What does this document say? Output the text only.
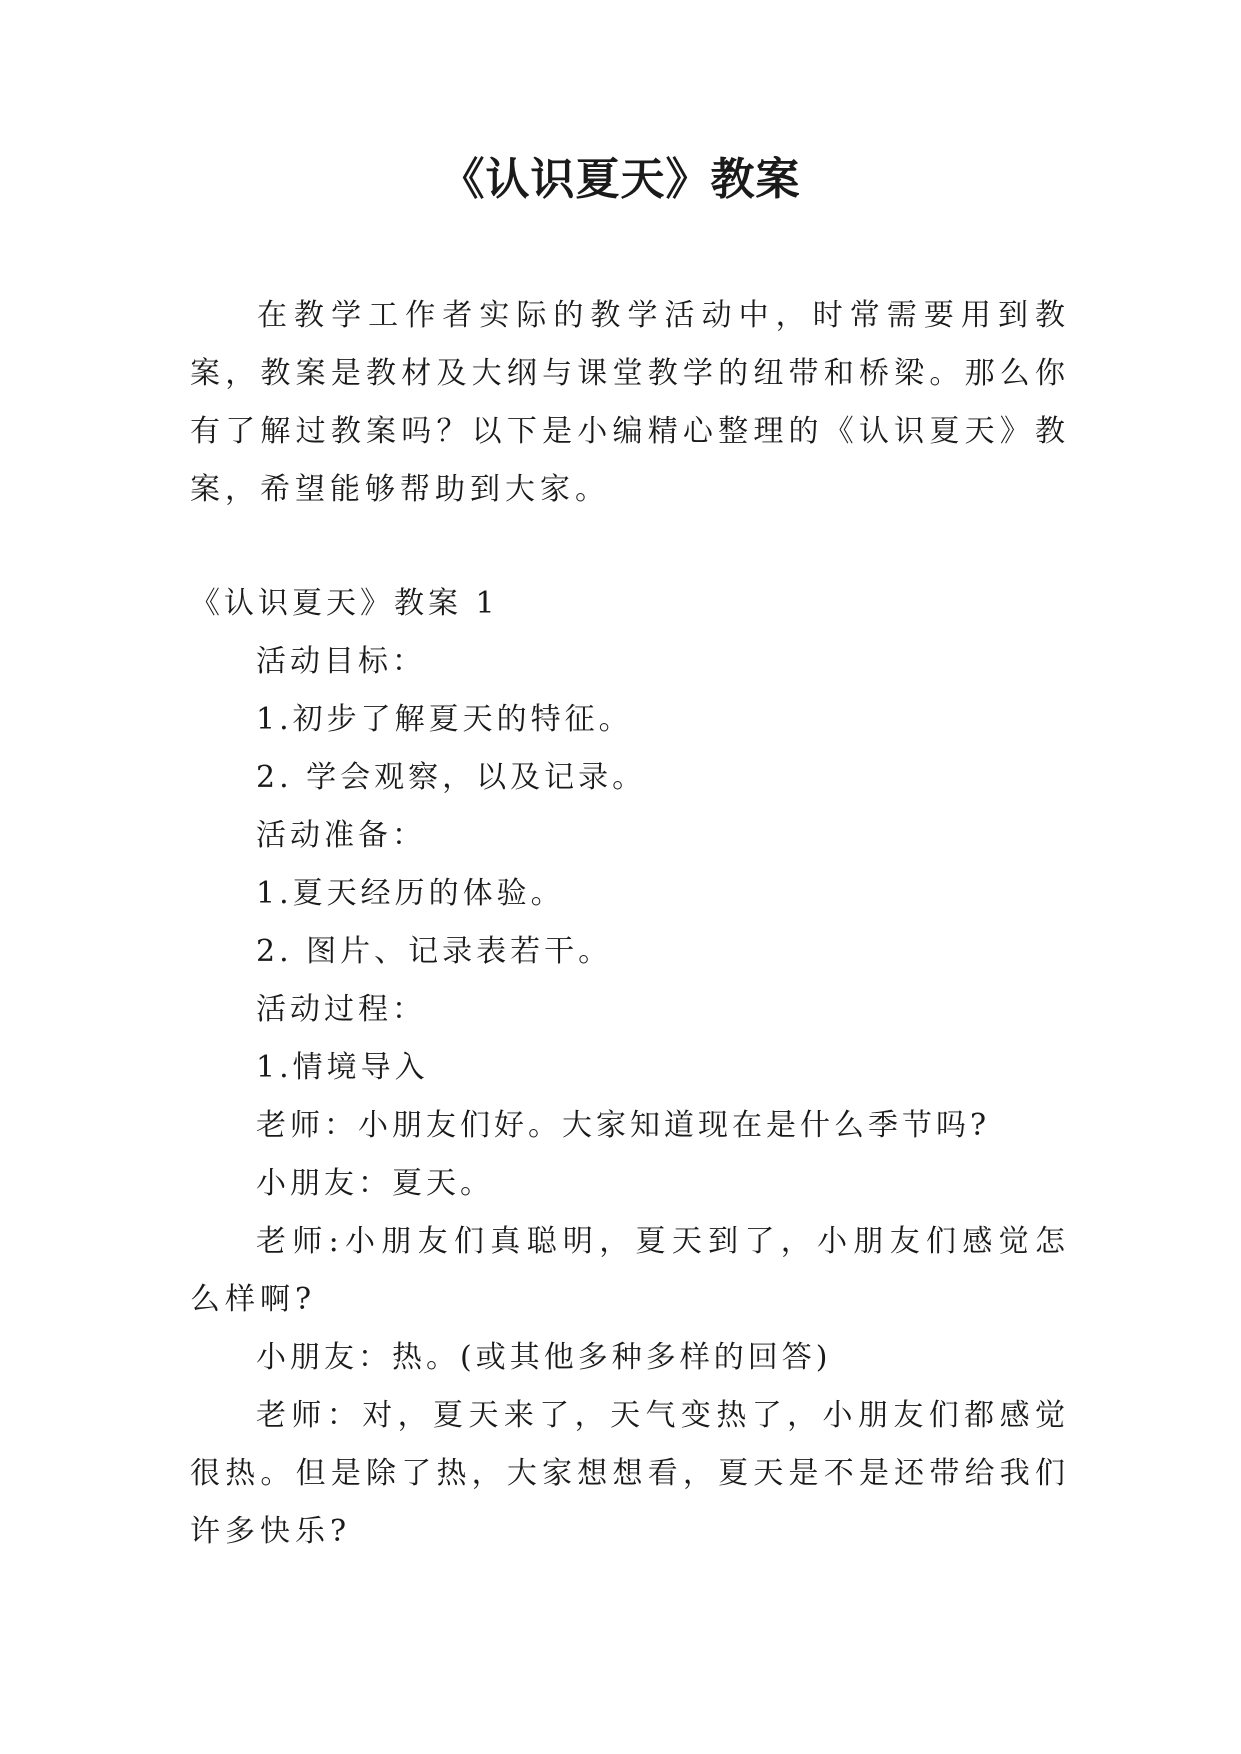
《认识夏天》教案

在教学工作者实际的教学活动中，时常需要用到教案，教案是教材及大纲与课堂教学的纽带和桥梁。那么你有了解过教案吗？以下是小编精心整理的《认识夏天》教案，希望能够帮助到大家。

《认识夏天》教案 1

活动目标：

1.初步了解夏天的特征。

2. 学会观察，以及记录。

活动准备：

1.夏天经历的体验。

2. 图片、记录表若干。

活动过程：

1.情境导入

老师：小朋友们好。大家知道现在是什么季节吗?

小朋友：夏天。

老师:小朋友们真聪明，夏天到了，小朋友们感觉怎么样啊?

小朋友：热。(或其他多种多样的回答)

老师：对，夏天来了，天气变热了，小朋友们都感觉很热。但是除了热，大家想想看，夏天是不是还带给我们许多快乐?
